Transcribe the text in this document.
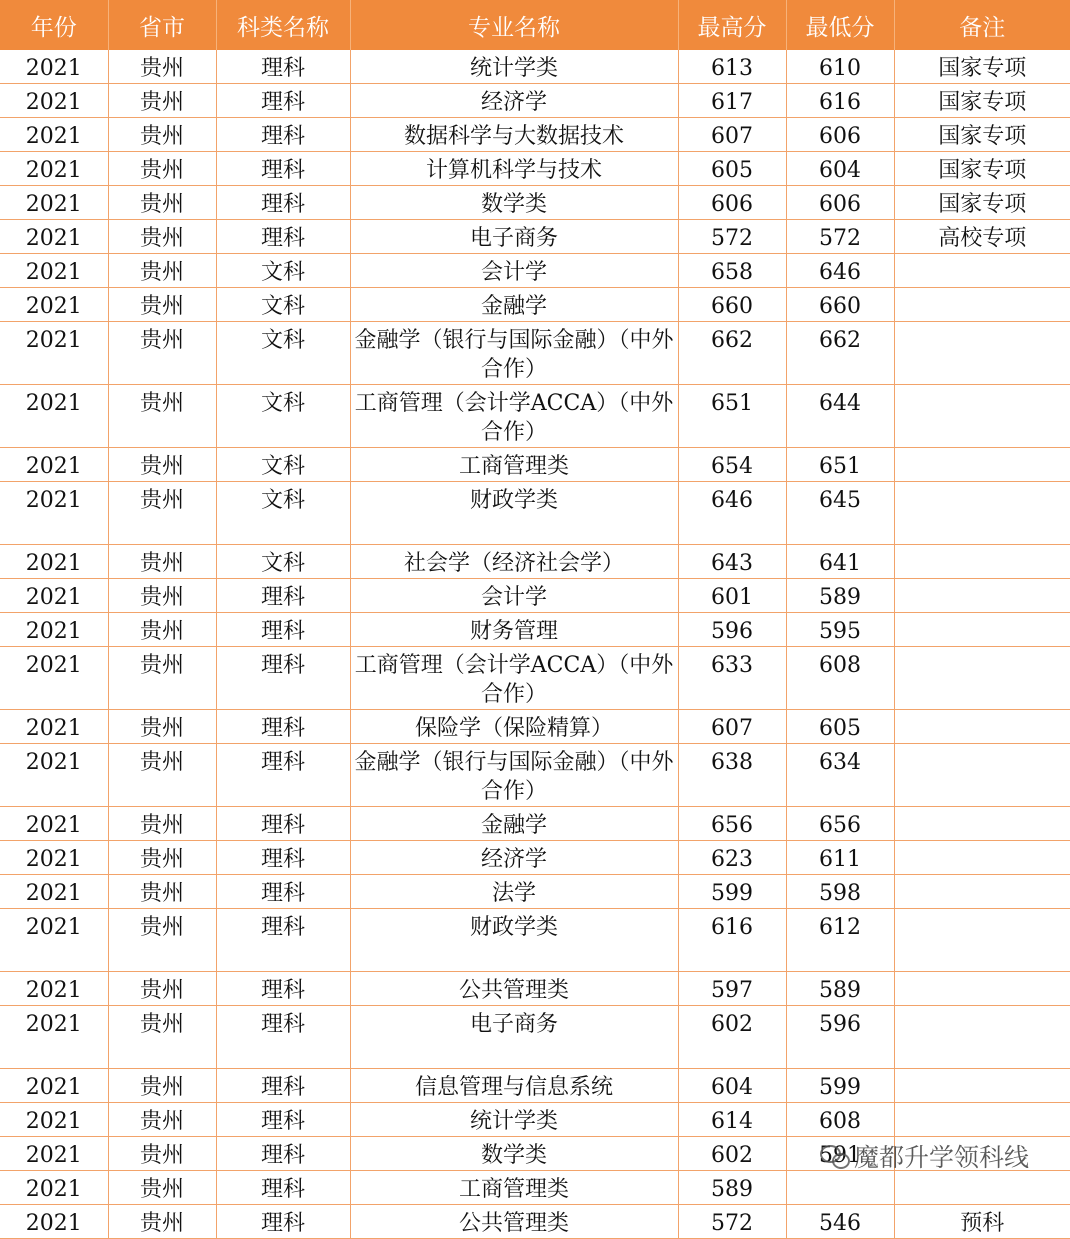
年份	省市	科类名称	专业名称	最高分	最低分	备注
2021	贵州	理科	统计学类	613	610	国家专项
2021	贵州	理科	经济学	617	616	国家专项
2021	贵州	理科	数据科学与大数据技术	607	606	国家专项
2021	贵州	理科	计算机科学与技术	605	604	国家专项
2021	贵州	理科	数学类	606	606	国家专项
2021	贵州	理科	电子商务	572	572	高校专项
2021	贵州	文科	会计学	658	646	
2021	贵州	文科	金融学	660	660	
2021	贵州	文科	金融学（银行与国际金融）（中外合作）	662	662	
2021	贵州	文科	工商管理（会计学ACCA）（中外合作）	651	644	
2021	贵州	文科	工商管理类	654	651	
2021	贵州	文科	财政学类	646	645	
2021	贵州	文科	社会学（经济社会学）	643	641	
2021	贵州	理科	会计学	601	589	
2021	贵州	理科	财务管理	596	595	
2021	贵州	理科	工商管理（会计学ACCA）（中外合作）	633	608	
2021	贵州	理科	保险学（保险精算）	607	605	
2021	贵州	理科	金融学（银行与国际金融）（中外合作）	638	634	
2021	贵州	理科	金融学	656	656	
2021	贵州	理科	经济学	623	611	
2021	贵州	理科	法学	599	598	
2021	贵州	理科	财政学类	616	612	
2021	贵州	理科	公共管理类	597	589	
2021	贵州	理科	电子商务	602	596	
2021	贵州	理科	信息管理与信息系统	604	599	
2021	贵州	理科	统计学类	614	608	
2021	贵州	理科	数学类	602	591	
2021	贵州	理科	工商管理类	589		
2021	贵州	理科	公共管理类	572	546	预科
魔都升学领科线
